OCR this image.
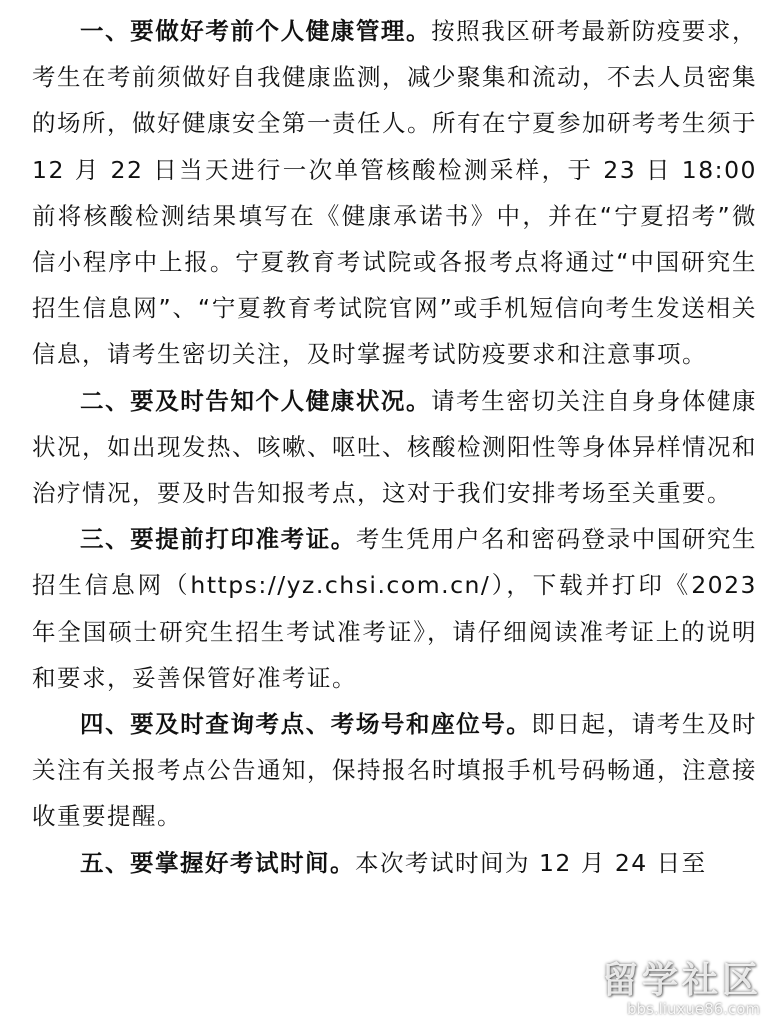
一、要做好考前个人健康管理。按照我区研考最新防疫要求，考生在考前须做好自我健康监测，减少聚集和流动，不去人员密集的场所，做好健康安全第一责任人。所有在宁夏参加研考考生须于 12 月 22 日当天进行一次单管核酸检测采样，于 23 日 18:00 前将核酸检测结果填写在《健康承诺书》中，并在“宁夏招考”微信小程序中上报。宁夏教育考试院或各报考点将通过“中国研究生招生信息网”、“宁夏教育考试院官网”或手机短信向考生发送相关信息，请考生密切关注，及时掌握考试防疫要求和注意事项。

二、要及时告知个人健康状况。请考生密切关注自身身体健康状况，如出现发热、咳嗽、呕吐、核酸检测阳性等身体异样情况和治疗情况，要及时告知报考点，这对于我们安排考场至关重要。

三、要提前打印准考证。考生凭用户名和密码登录中国研究生招生信息网（https://yz.chsi.com.cn/），下载并打印《2023 年全国硕士研究生招生考试准考证》，请仔细阅读准考证上的说明和要求，妥善保管好准考证。

四、要及时查询考点、考场号和座位号。即日起，请考生及时关注有关报考点公告通知，保持报名时填报手机号码畅通，注意接收重要提醒。

五、要掌握好考试时间。本次考试时间为 12 月 24 日至

留学社区
bbs.liuxue86.com
